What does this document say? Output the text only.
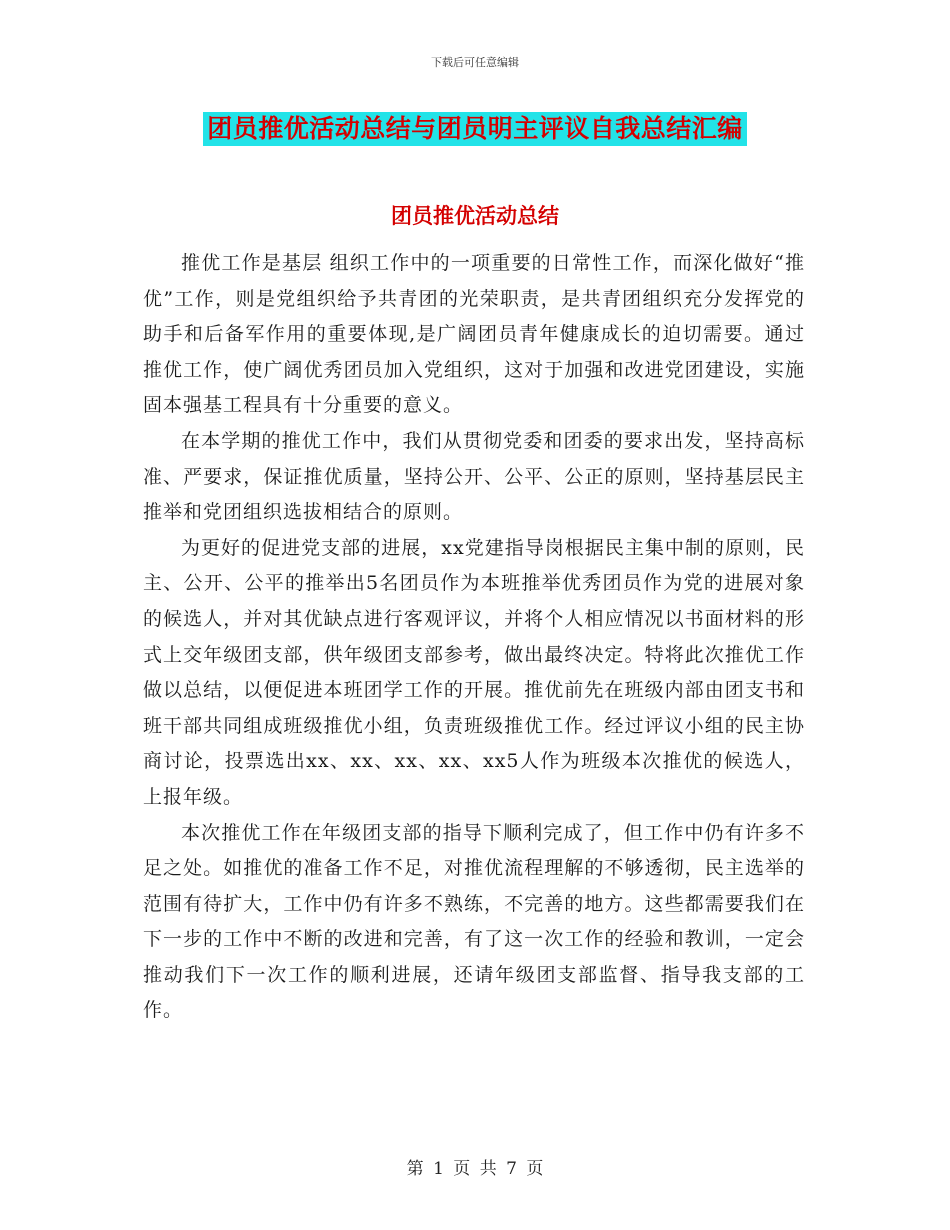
下载后可任意编辑
团员推优活动总结与团员明主评议自我总结汇编
团员推优活动总结

推优工作是基层 组织工作中的一项重要的日常性工作，而深化做好“推优”工作，则是党组织给予共青团的光荣职责，是共青团组织充分发挥党的助手和后备军作用的重要体现,是广阔团员青年健康成长的迫切需要。通过推优工作，使广阔优秀团员加入党组织，这对于加强和改进党团建设，实施固本强基工程具有十分重要的意义。

在本学期的推优工作中，我们从贯彻党委和团委的要求出发，坚持高标准、严要求，保证推优质量，坚持公开、公平、公正的原则，坚持基层民主推举和党团组织选拔相结合的原则。

为更好的促进党支部的进展，xx党建指导岗根据民主集中制的原则，民主、公开、公平的推举出5名团员作为本班推举优秀团员作为党的进展对象的候选人，并对其优缺点进行客观评议，并将个人相应情况以书面材料的形式上交年级团支部，供年级团支部参考，做出最终决定。特将此次推优工作做以总结，以便促进本班团学工作的开展。推优前先在班级内部由团支书和班干部共同组成班级推优小组，负责班级推优工作。经过评议小组的民主协商讨论，投票选出xx、xx、xx、xx、xx5人作为班级本次推优的候选人，上报年级。

本次推优工作在年级团支部的指导下顺利完成了，但工作中仍有许多不足之处。如推优的准备工作不足，对推优流程理解的不够透彻，民主选举的范围有待扩大，工作中仍有许多不熟练，不完善的地方。这些都需要我们在下一步的工作中不断的改进和完善，有了这一次工作的经验和教训，一定会推动我们下一次工作的顺利进展，还请年级团支部监督、指导我支部的工作。

第 1 页 共 7 页
